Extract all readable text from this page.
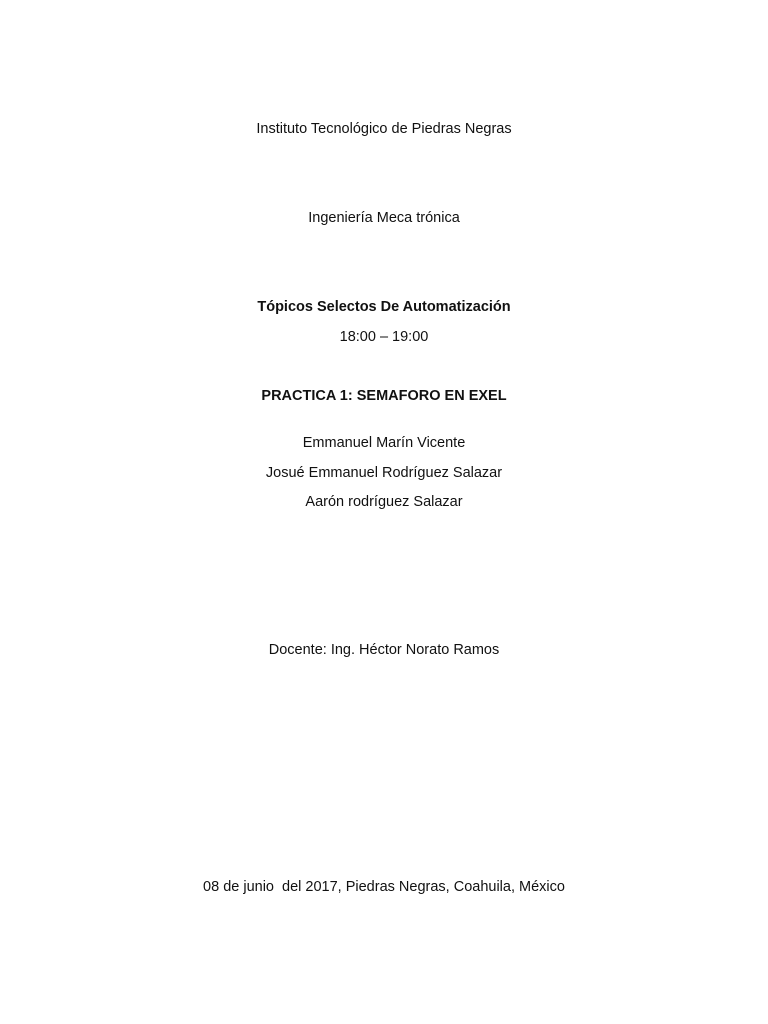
Instituto Tecnológico de Piedras Negras
Ingeniería Meca trónica
Tópicos Selectos De Automatización
18:00 – 19:00
PRACTICA 1: SEMAFORO EN EXEL
Emmanuel Marín Vicente
Josué Emmanuel Rodríguez Salazar
Aarón rodríguez Salazar
Docente: Ing. Héctor Norato Ramos
08 de junio  del 2017, Piedras Negras, Coahuila, México
